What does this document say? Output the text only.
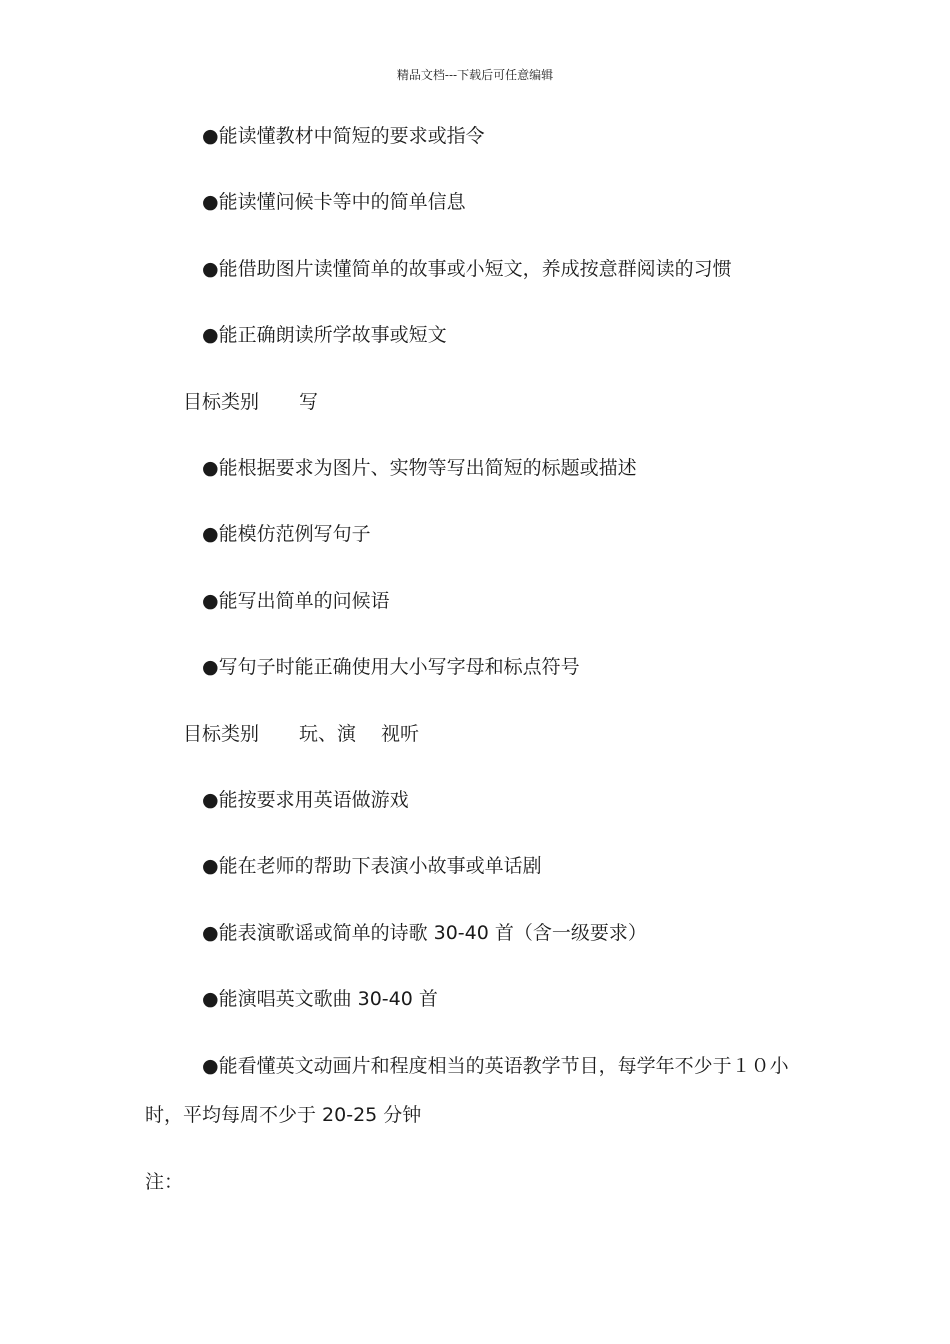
精品文档---下载后可任意编辑
●能读懂教材中简短的要求或指令
●能读懂问候卡等中的简单信息
●能借助图片读懂简单的故事或小短文，养成按意群阅读的习惯
●能正确朗读所学故事或短文
目标类别 写
●能根据要求为图片、实物等写出简短的标题或描述
●能模仿范例写句子
●能写出简单的问候语
●写句子时能正确使用大小写字母和标点符号
目标类别 玩、演 视听
●能按要求用英语做游戏
●能在老师的帮助下表演小故事或单话剧
●能表演歌谣或简单的诗歌 30-40 首（含一级要求）
●能演唱英文歌曲 30-40 首
●能看懂英文动画片和程度相当的英语教学节目，每学年不少于１０小
时，平均每周不少于 20-25 分钟
注：
